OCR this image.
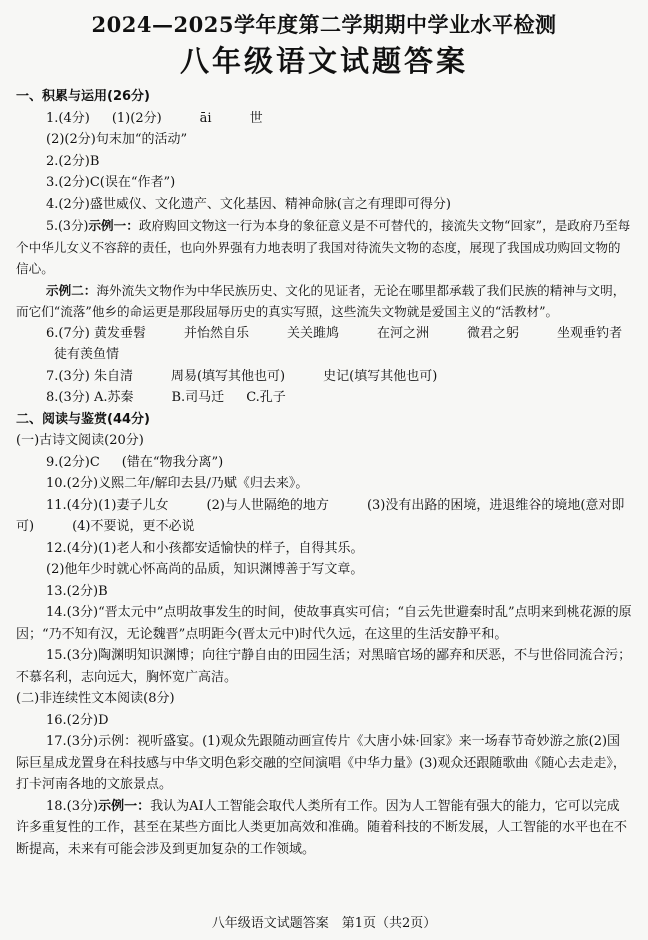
2024—2025学年度第二学期期中学业水平检测
八年级语文试题答案
一、积累与运用(26分)
1.(4分) (1)(2分)	āi	世
(2)(2分)句末加“的活动”
2.(2分)B
3.(2分)C(误在“作者”)
4.(2分)盛世威仪、文化遗产、文化基因、精神命脉(言之有理即可得分)
5.(3分)示例一：政府购回文物这一行为本身的象征意义是不可替代的，接流失文物“回家”，是政府乃至每个中华儿女义不容辞的责任，也向外界强有力地表明了我国对待流失文物的态度，展现了我国成功购回文物的信心。
示例二：海外流失文物作为中华民族历史、文化的见证者，无论在哪里都承载了我们民族的精神与文明，而它们“流落”他乡的命运更是那段屈辱历史的真实写照，这些流失文物就是爱国主义的“活教材”。
6.(7分) 黄发垂髫	并怡然自乐	关关雎鸠	在河之洲	微君之躬	坐观垂钓者徒有羡鱼情
7.(3分) 朱自清	周易(填写其他也可)	史记(填写其他也可)
8.(3分) A.苏秦	B.司马迁 C.孔子
二、阅读与鉴赏(44分)
(一)古诗文阅读(20分)
9.(2分)C (错在“物我分离”)
10.(2分)义熙二年/解印去县/乃赋《归去来》。
11.(4分)(1)妻子儿女	(2)与人世隔绝的地方	(3)没有出路的困境，进退维谷的境地(意对即可)	(4)不要说，更不必说
12.(4分)(1)老人和小孩都安适愉快的样子，自得其乐。
(2)他年少时就心怀高尚的品质，知识渊博善于写文章。
13.(2分)B
14.(3分)“晋太元中”点明故事发生的时间，使故事真实可信；“自云先世避秦时乱”点明来到桃花源的原因；“乃不知有汉，无论魏晋”点明距今(晋太元中)时代久远，在这里的生活安静平和。
15.(3分)陶渊明知识渊博；向往宁静自由的田园生活；对黑暗官场的鄙弃和厌恶，不与世俗同流合污；不慕名利，志向远大，胸怀宽广高洁。
(二)非连续性文本阅读(8分)
16.(2分)D
17.(3分)示例：视听盛宴。(1)观众先跟随动画宣传片《大唐小妹·回家》来一场春节奇妙游之旅(2)国际巨星成龙置身在科技感与中华文明色彩交融的空间演唱《中华力量》(3)观众还跟随歌曲《随心去走走》，打卡河南各地的文旅景点。
18.(3分)示例一：我认为AI人工智能会取代人类所有工作。因为人工智能有强大的能力，它可以完成许多重复性的工作，甚至在某些方面比人类更加高效和准确。随着科技的不断发展，人工智能的水平也在不断提高，未来有可能会涉及到更加复杂的工作领域。
八年级语文试题答案　第1页（共2页）
